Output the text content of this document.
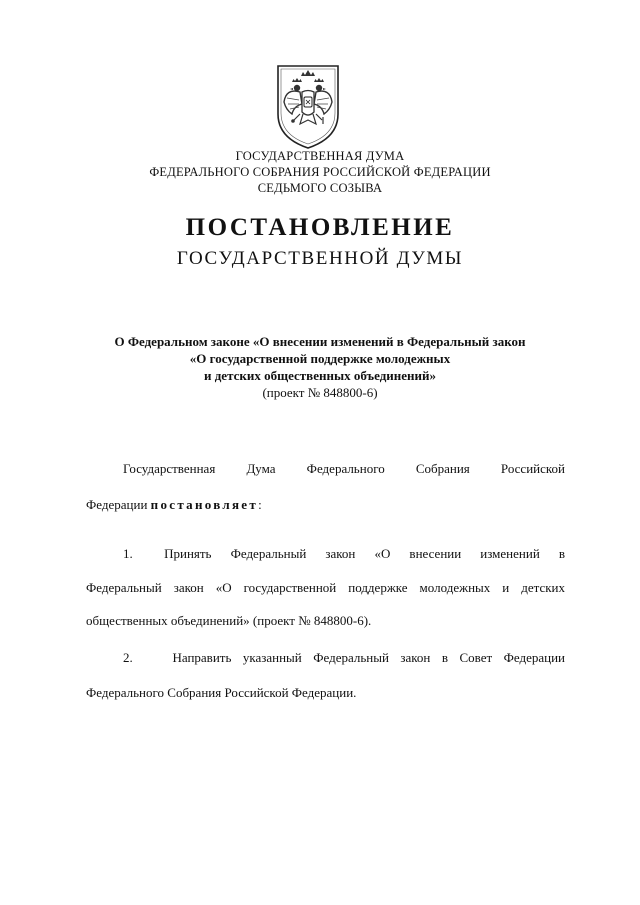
ГОСУДАРСТВЕННАЯ ДУМА
ФЕДЕРАЛЬНОГО СОБРАНИЯ РОССИЙСКОЙ ФЕДЕРАЦИИ
СЕДЬМОГО СОЗЫВА
ПОСТАНОВЛЕНИЕ
ГОСУДАРСТВЕННОЙ ДУМЫ
О Федеральном законе «О внесении изменений в Федеральный закон
«О государственной поддержке молодежных
и детских общественных объединений»
(проект № 848800-6)
Государственная Дума Федерального Собрания Российской
Федерации постановляет:
1. Принять Федеральный закон «О внесении изменений в
Федеральный закон «О государственной поддержке молодежных и детских
общественных объединений» (проект № 848800-6).
2.	Направить указанный Федеральный закон в Совет Федерации
Федерального Собрания Российской Федерации.
